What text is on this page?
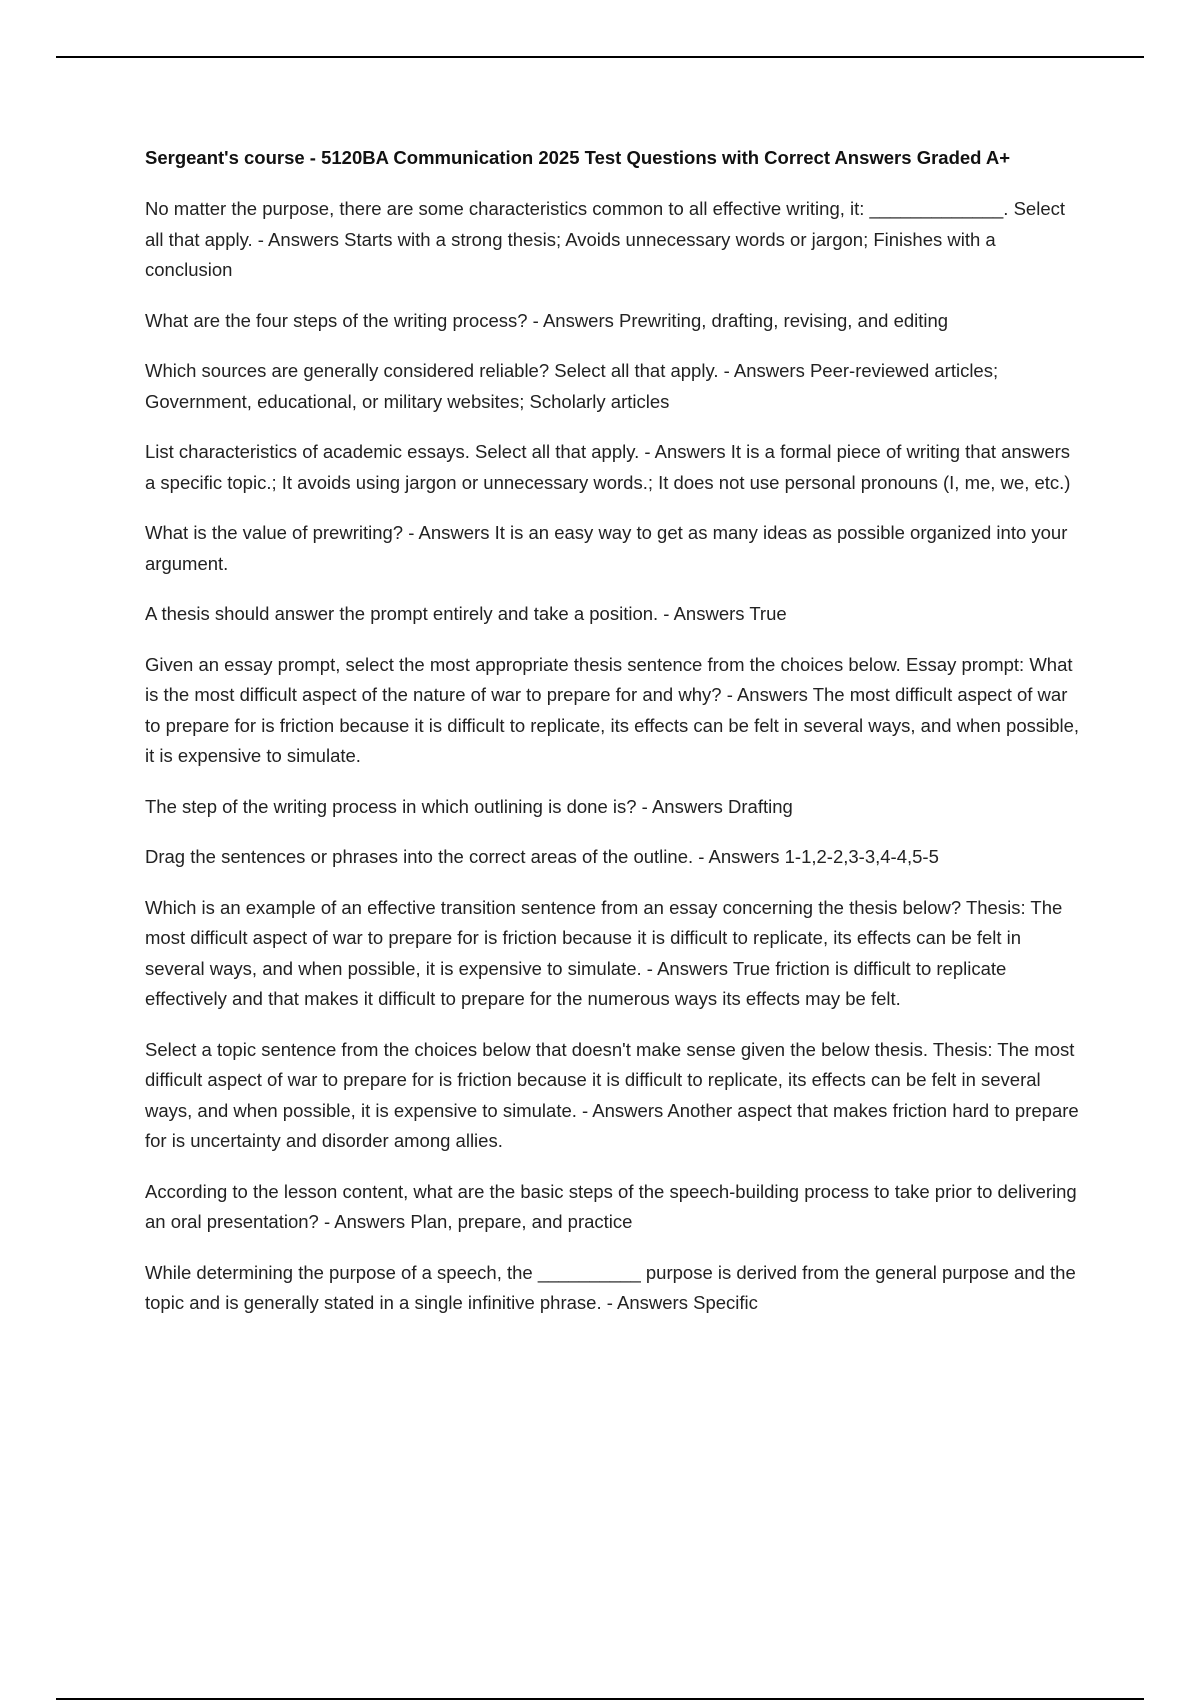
Sergeant's course - 5120BA Communication 2025 Test Questions with Correct Answers Graded A+

No matter the purpose, there are some characteristics common to all effective writing, it: _____________. Select all that apply. - Answers Starts with a strong thesis; Avoids unnecessary words or jargon; Finishes with a conclusion

What are the four steps of the writing process? - Answers Prewriting, drafting, revising, and editing

Which sources are generally considered reliable? Select all that apply. - Answers Peer-reviewed articles; Government, educational, or military websites; Scholarly articles

List characteristics of academic essays. Select all that apply. - Answers It is a formal piece of writing that answers a specific topic.; It avoids using jargon or unnecessary words.; It does not use personal pronouns (I, me, we, etc.)

What is the value of prewriting? - Answers It is an easy way to get as many ideas as possible organized into your argument.

A thesis should answer the prompt entirely and take a position. - Answers True

Given an essay prompt, select the most appropriate thesis sentence from the choices below. Essay prompt: What is the most difficult aspect of the nature of war to prepare for and why? - Answers The most difficult aspect of war to prepare for is friction because it is difficult to replicate, its effects can be felt in several ways, and when possible, it is expensive to simulate.

The step of the writing process in which outlining is done is? - Answers Drafting

Drag the sentences or phrases into the correct areas of the outline. - Answers 1-1,2-2,3-3,4-4,5-5

Which is an example of an effective transition sentence from an essay concerning the thesis below? Thesis: The most difficult aspect of war to prepare for is friction because it is difficult to replicate, its effects can be felt in several ways, and when possible, it is expensive to simulate. - Answers True friction is difficult to replicate effectively and that makes it difficult to prepare for the numerous ways its effects may be felt.

Select a topic sentence from the choices below that doesn't make sense given the below thesis. Thesis: The most difficult aspect of war to prepare for is friction because it is difficult to replicate, its effects can be felt in several ways, and when possible, it is expensive to simulate. - Answers Another aspect that makes friction hard to prepare for is uncertainty and disorder among allies.

According to the lesson content, what are the basic steps of the speech-building process to take prior to delivering an oral presentation? - Answers Plan, prepare, and practice

While determining the purpose of a speech, the __________ purpose is derived from the general purpose and the topic and is generally stated in a single infinitive phrase. - Answers Specific
